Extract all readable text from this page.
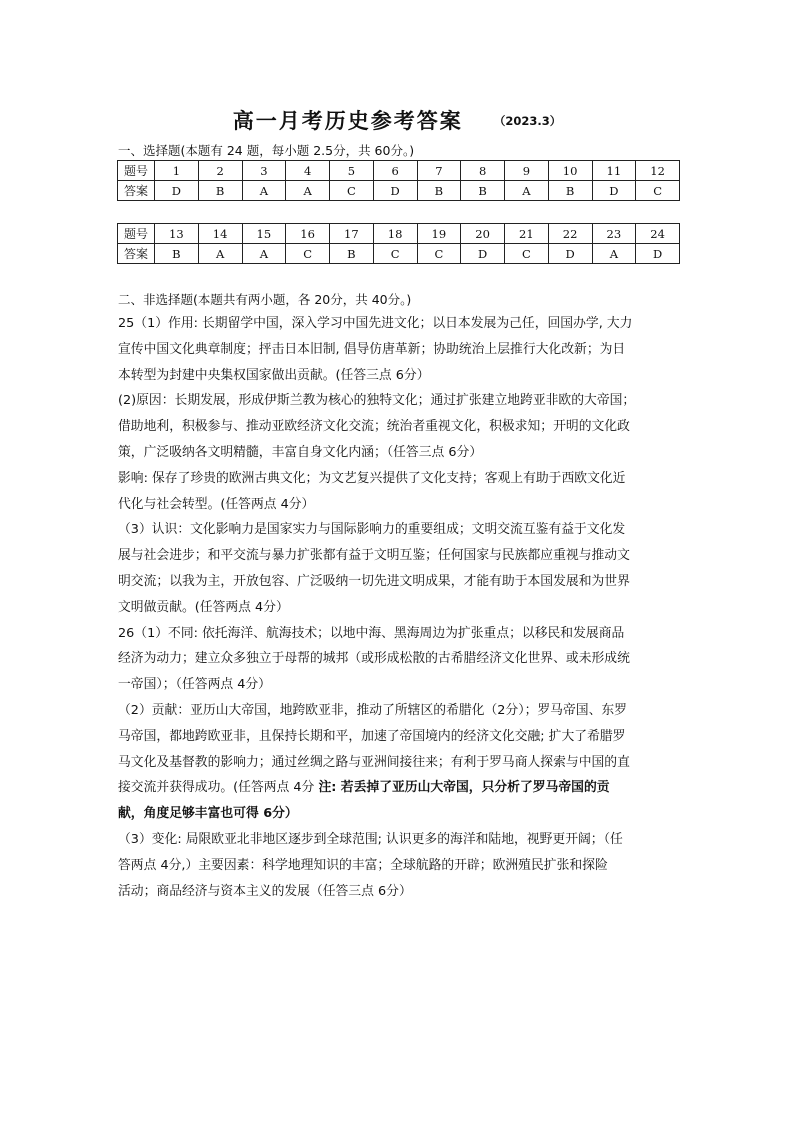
高一月考历史参考答案	（2023.3）
一、选择题(本题有 24 题，每小题 2.5分，共 60分。)
题号	1	2	3	4	5	6	7	8	9	10	11	12
答案	D	B	A	A	C	D	B	B	A	B	D	C
题号	13	14	15	16	17	18	19	20	21	22	23	24
答案	B	A	A	C	B	C	C	D	C	D	A	D
二、非选择题(本题共有两小题，各 20分，共 40分。)

25（1）作用: 长期留学中国，深入学习中国先进文化；以日本发展为己任，回国办学, 大力

宣传中国文化典章制度；抨击日本旧制, 倡导仿唐革新；协助统治上层推行大化改新；为日

本转型为封建中央集权国家做出贡献。(任答三点 6分）

(2)原因：长期发展，形成伊斯兰教为核心的独特文化；通过扩张建立地跨亚非欧的大帝国；

借助地利，积极参与、推动亚欧经济文化交流；统治者重视文化，积极求知；开明的文化政

策，广泛吸纳各文明精髓，丰富自身文化内涵；（任答三点 6分）

影响: 保存了珍贵的欧洲古典文化；为文艺复兴提供了文化支持；客观上有助于西欧文化近

代化与社会转型。(任答两点 4分）

（3）认识：文化影响力是国家实力与国际影响力的重要组成；文明交流互鉴有益于文化发

展与社会进步；和平交流与暴力扩张都有益于文明互鉴；任何国家与民族都应重视与推动文

明交流；以我为主，开放包容、广泛吸纳一切先进文明成果，才能有助于本国发展和为世界

文明做贡献。(任答两点 4分）

26（1）不同: 依托海洋、航海技术；以地中海、黑海周边为扩张重点；以移民和发展商品

经济为动力；建立众多独立于母帮的城邦（或形成松散的古希腊经济文化世界、或未形成统

一帝国）；（任答两点 4分）

（2）贡献：亚历山大帝国，地跨欧亚非，推动了所辖区的希腊化（2分）；罗马帝国、东罗

马帝国，都地跨欧亚非，且保持长期和平，加速了帝国境内的经济文化交融; 扩大了希腊罗

马文化及基督教的影响力；通过丝绸之路与亚洲间接往来；有利于罗马商人探索与中国的直

接交流并获得成功。(任答两点 4分 注: 若丢掉了亚历山大帝国，只分析了罗马帝国的贡

献，角度足够丰富也可得 6分）

（3）变化: 局限欧亚北非地区逐步到全球范围; 认识更多的海洋和陆地，视野更开阔；（任

答两点 4分,）主要因素：科学地理知识的丰富；全球航路的开辟；欧洲殖民扩张和探险

活动；商品经济与资本主义的发展（任答三点 6分）
